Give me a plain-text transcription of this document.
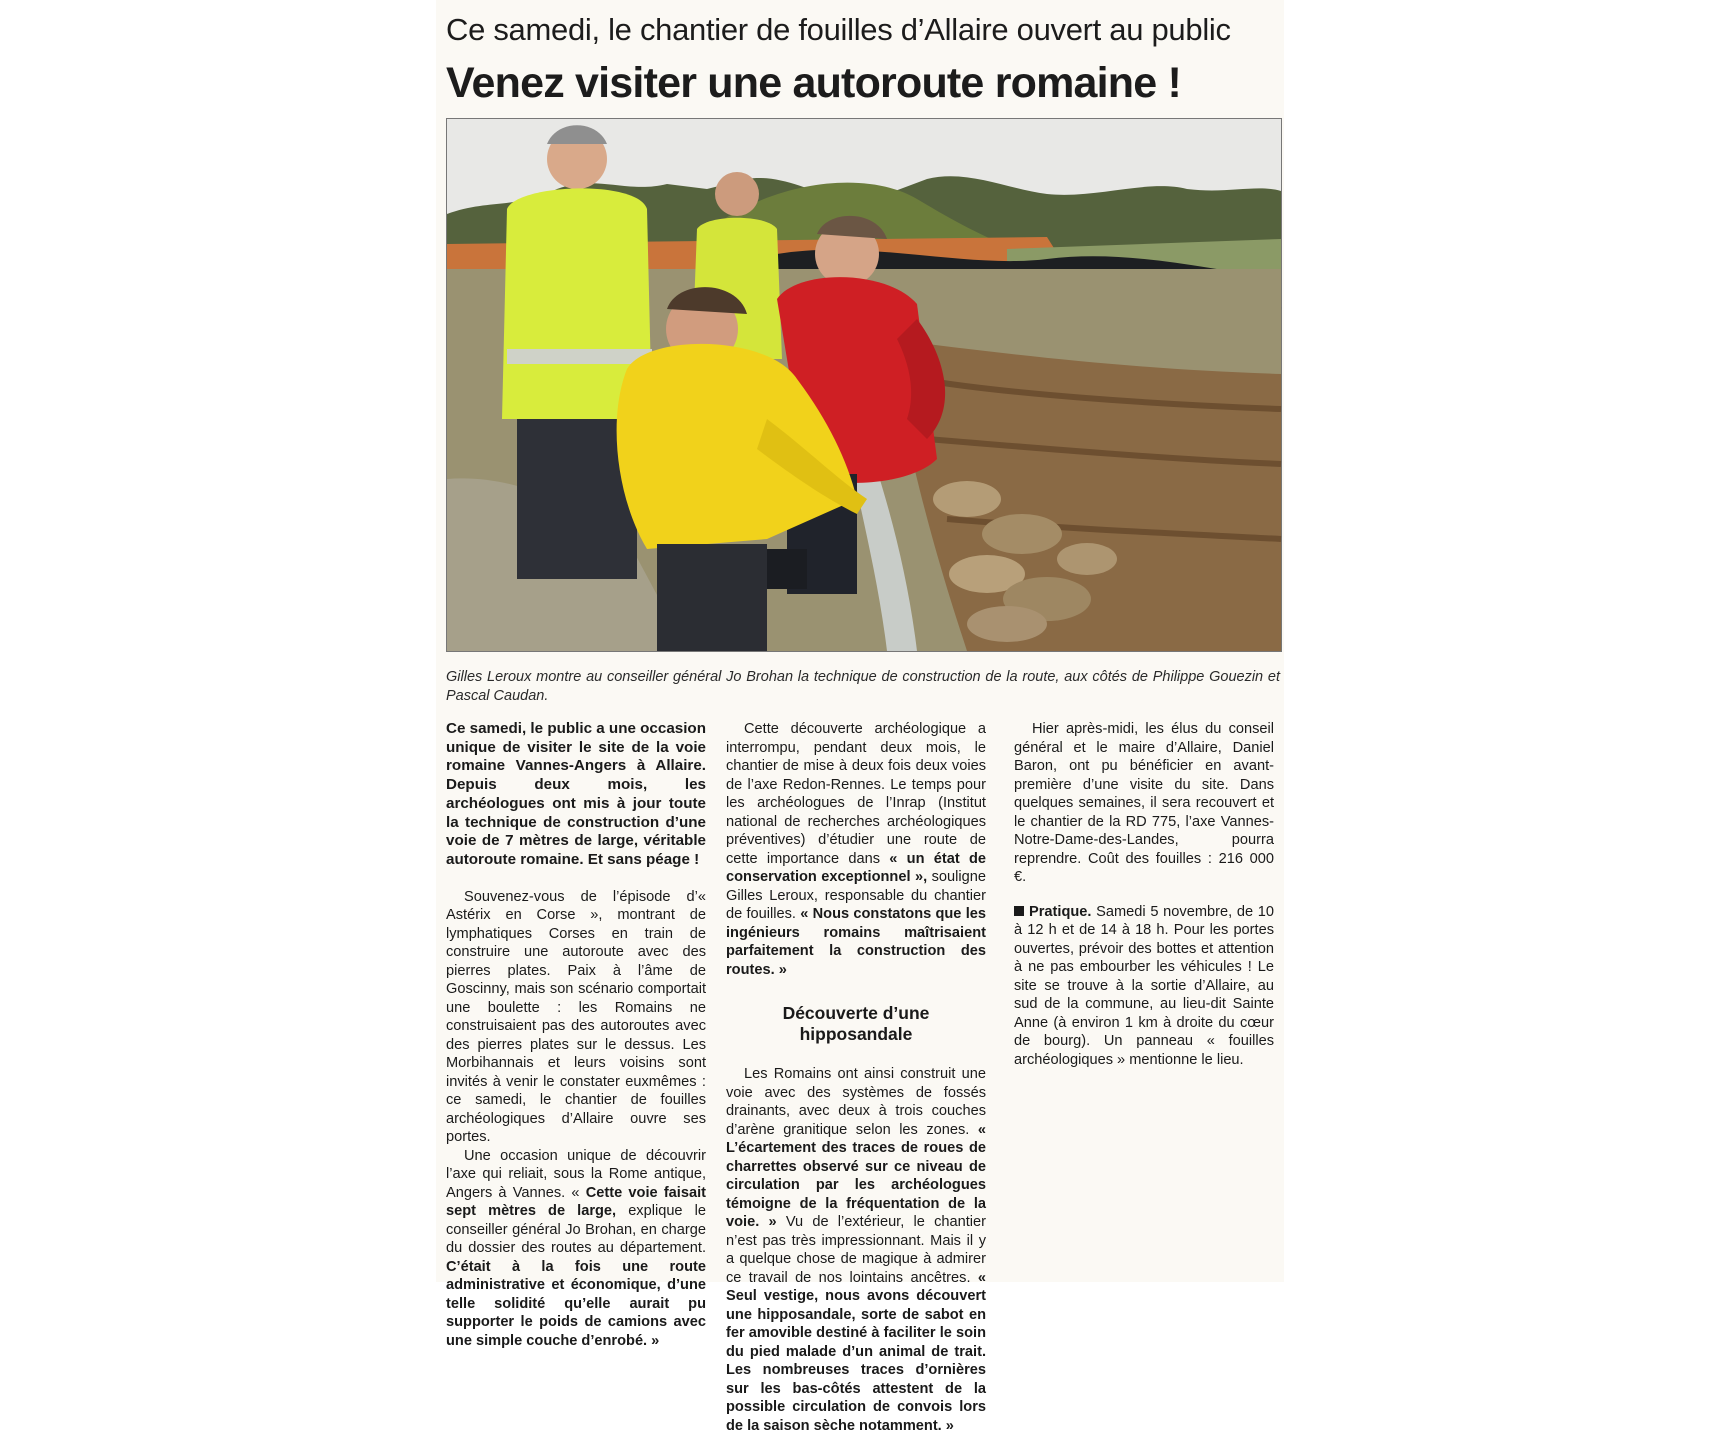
Ce samedi, le chantier de fouilles d’Allaire ouvert au public
Venez visiter une autoroute romaine !

Gilles Leroux montre au conseiller général Jo Brohan la technique de construction de la route, aux côtés de Philippe Gouezin et Pascal Caudan.

Ce samedi, le public a une occasion unique de visiter le site de la voie romaine Vannes-Angers à Allaire. Depuis deux mois, les archéologues ont mis à jour toute la technique de construction d’une voie de 7 mètres de large, véritable autoroute romaine. Et sans péage !

Souvenez-vous de l’épisode d’« Astérix en Corse », montrant de lymphatiques Corses en train de construire une autoroute avec des pierres plates. Paix à l’âme de Goscinny, mais son scénario comportait une boulette : les Romains ne construisaient pas des autoroutes avec des pierres plates sur le dessus. Les Morbihannais et leurs voisins sont invités à venir le constater euxmêmes : ce samedi, le chantier de fouilles archéologiques d’Allaire ouvre ses portes.

Une occasion unique de découvrir l’axe qui reliait, sous la Rome antique, Angers à Vannes. « Cette voie faisait sept mètres de large, explique le conseiller général Jo Brohan, en charge du dossier des routes au département. C’était à la fois une route administrative et économique, d’une telle solidité qu’elle aurait pu supporter le poids de camions avec une simple couche d’enrobé. »

Cette découverte archéologique a interrompu, pendant deux mois, le chantier de mise à deux fois deux voies de l’axe Redon-Rennes. Le temps pour les archéologues de l’Inrap (Institut national de recherches archéologiques préventives) d’étudier une route de cette importance dans « un état de conservation exceptionnel », souligne Gilles Leroux, responsable du chantier de fouilles. « Nous constatons que les ingénieurs romains maîtrisaient parfaitement la construction des routes. »

Découverte d’une hipposandale

Les Romains ont ainsi construit une voie avec des systèmes de fossés drainants, avec deux à trois couches d’arène granitique selon les zones. « L’écartement des traces de roues de charrettes observé sur ce niveau de circulation par les archéologues témoigne de la fréquentation de la voie. » Vu de l’extérieur, le chantier n’est pas très impressionnant. Mais il y a quelque chose de magique à admirer ce travail de nos lointains ancêtres. « Seul vestige, nous avons découvert une hipposandale, sorte de sabot en fer amovible destiné à faciliter le soin du pied malade d’un animal de trait. Les nombreuses traces d’ornières sur les bas-côtés attestent de la possible circulation de convois lors de la saison sèche notamment. »

Hier après-midi, les élus du conseil général et le maire d’Allaire, Daniel Baron, ont pu bénéficier en avant-première d’une visite du site. Dans quelques semaines, il sera recouvert et le chantier de la RD 775, l’axe Vannes-Notre-Dame-des-Landes, pourra reprendre. Coût des fouilles : 216 000 €.

Pratique. Samedi 5 novembre, de 10 à 12 h et de 14 à 18 h. Pour les portes ouvertes, prévoir des bottes et attention à ne pas embourber les véhicules ! Le site se trouve à la sortie d’Allaire, au sud de la commune, au lieu-dit Sainte Anne (à environ 1 km à droite du cœur de bourg). Un panneau « fouilles archéologiques » mentionne le lieu.
